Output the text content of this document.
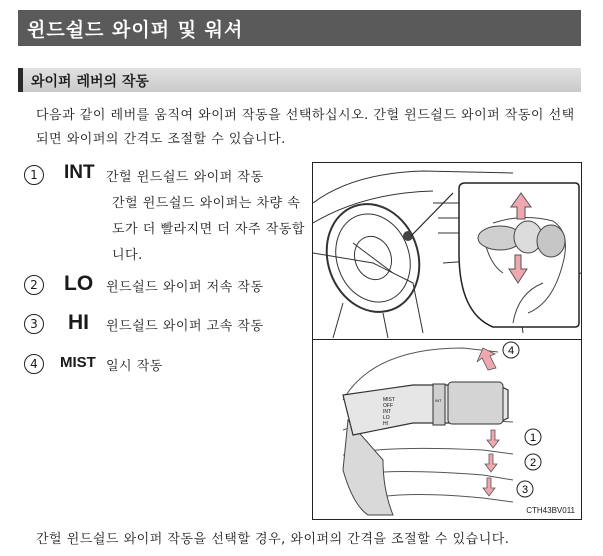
윈드쉴드 와이퍼 및 워셔
와이퍼 레버의 작동
다음과 같이 레버를 움직여 와이퍼 작동을 선택하십시오. 간헐 윈드쉴드 와이퍼 작동이 선택되면 와이퍼의 간격도 조절할 수 있습니다.
1	INT 간헐 윈드쉴드 와이퍼 작동
간헐 윈드쉴드 와이퍼는 차량 속도가 더 빨라지면 더 자주 작동합니다.
2 LO 윈드쉴드 와이퍼 저속 작동
3 HI 윈드쉴드 와이퍼 고속 작동
4	MIST 일시 작동
MIST
OFF
INT
LO
HI
INT
4
1
2
3
CTH43BV011
간헐 윈드쉴드 와이퍼 작동을 선택할 경우, 와이퍼의 간격을 조절할 수 있습니다.
